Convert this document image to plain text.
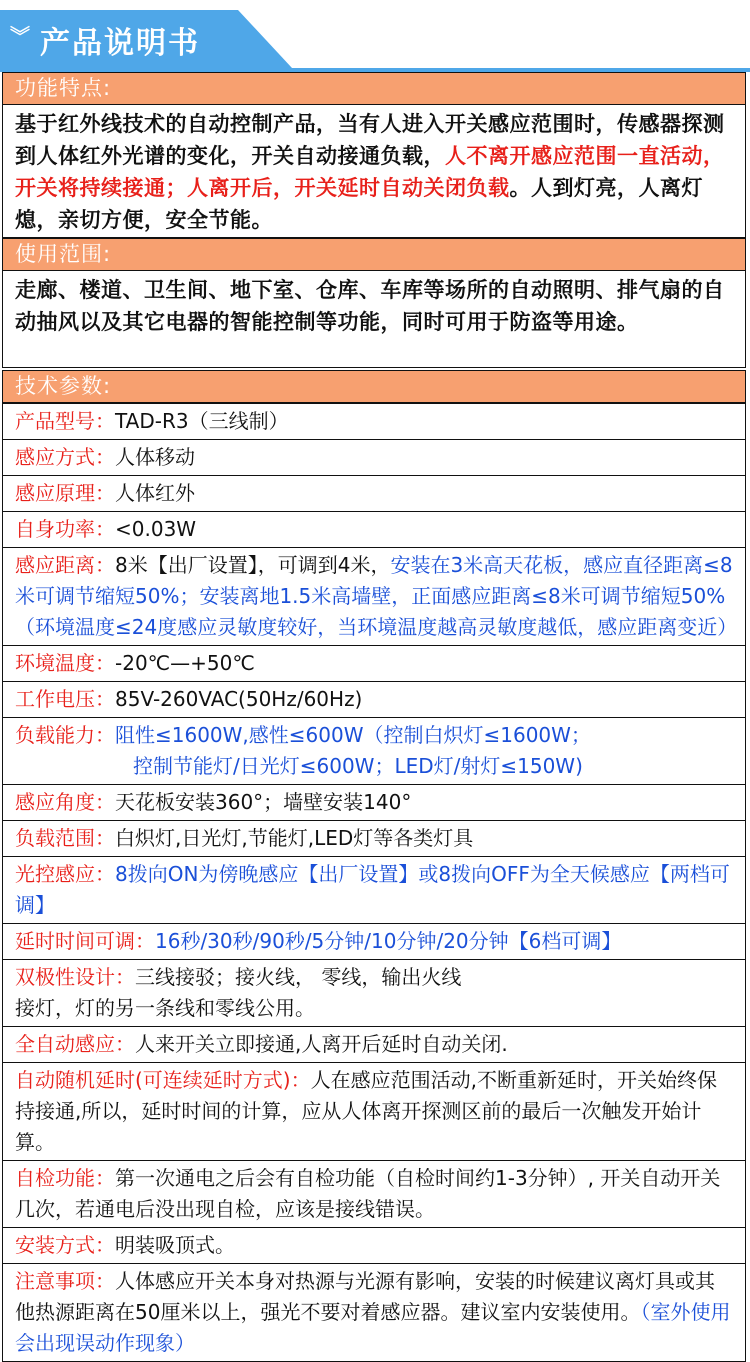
︾ 产品说明书
功能特点:
基于红外线技术的自动控制产品，当有人进入开关感应范围时，传感器探测到人体红外光谱的变化，开关自动接通负载，人不离开感应范围一直活动，开关将持续接通；人离开后，开关延时自动关闭负载。人到灯亮，人离灯熄，亲切方便，安全节能。
使用范围:
走廊、楼道、卫生间、地下室、仓库、车库等场所的自动照明、排气扇的自动抽风以及其它电器的智能控制等功能，同时可用于防盗等用途。
技术参数:
产品型号：TAD-R3（三线制）
感应方式：人体移动
感应原理：人体红外
自身功率：<0.03W
感应距离：8米【出厂设置】，可调到4米，安装在3米高天花板，感应直径距离≤8米可调节缩短50%；安装离地1.5米高墙壁，正面感应距离≤8米可调节缩短50%（环境温度≤24度感应灵敏度较好，当环境温度越高灵敏度越低，感应距离变近）
环境温度：-20℃—+50℃
工作电压：85V-260VAC(50Hz/60Hz)
负载能力：阻性≤1600W,感性≤600W（控制白炽灯≤1600W；
控制节能灯/日光灯≤600W；LED灯/射灯≤150W)
感应角度：天花板安装360°；墙壁安装140°
负载范围：白炽灯,日光灯,节能灯,LED灯等各类灯具
光控感应：8拨向ON为傍晚感应【出厂设置】或8拨向OFF为全天候感应【两档可调】
延时时间可调：16秒/30秒/90秒/5分钟/10分钟/20分钟【6档可调】
双极性设计：三线接驳；接火线， 零线，输出火线
接灯，灯的另一条线和零线公用。
全自动感应：人来开关立即接通,人离开后延时自动关闭.
自动随机延时(可连续延时方式)：人在感应范围活动,不断重新延时，开关始终保持接通,所以，延时时间的计算，应从人体离开探测区前的最后一次触发开始计算。
自检功能：第一次通电之后会有自检功能（自检时间约1-3分钟）, 开关自动开关几次，若通电后没出现自检，应该是接线错误。
安装方式：明装吸顶式。
注意事项：人体感应开关本身对热源与光源有影响，安装的时候建议离灯具或其他热源距离在50厘米以上，强光不要对着感应器。建议室内安装使用。（室外使用会出现误动作现象）
